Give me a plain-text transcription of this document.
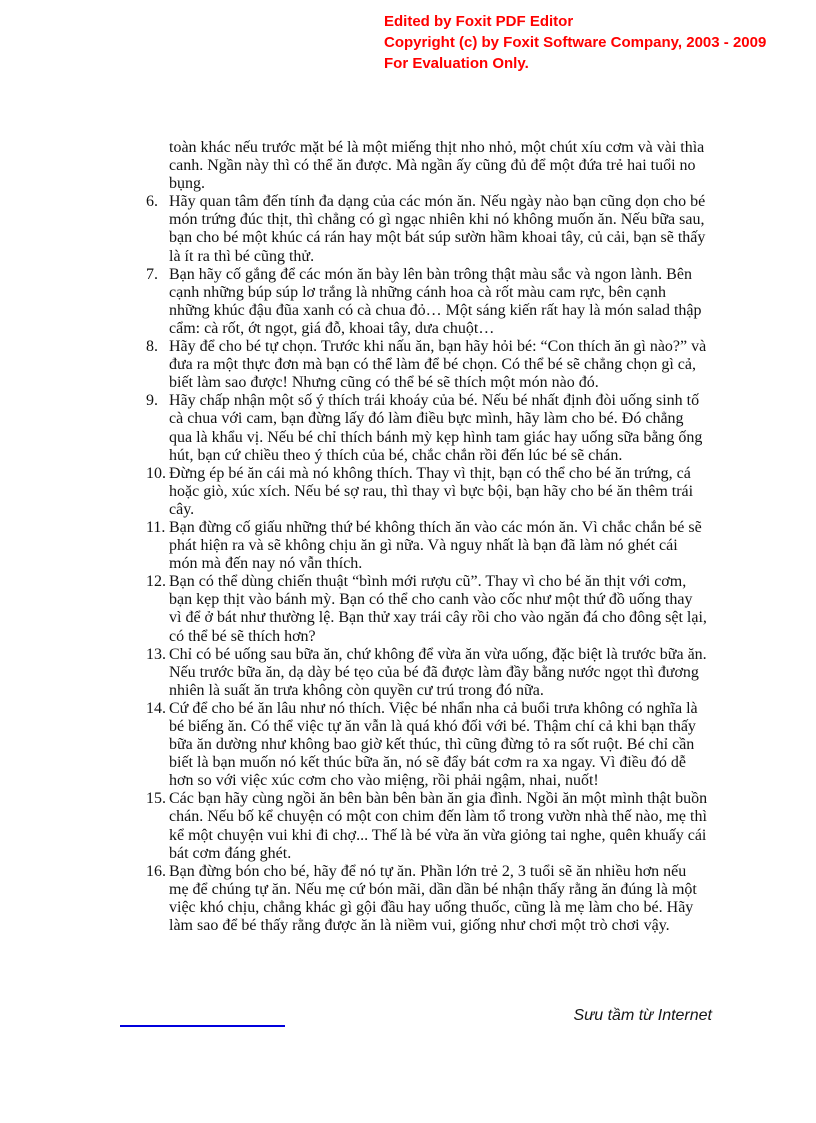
Edited by Foxit PDF Editor
Copyright (c) by Foxit Software Company, 2003 - 2009
For Evaluation Only.

toàn khác nếu trước mặt bé là một miếng thịt nho nhỏ, một chút xíu cơm và vài thìa canh. Ngần này thì có thể ăn được. Mà ngần ấy cũng đủ để một đứa trẻ hai tuổi no bụng.

6. Hãy quan tâm đến tính đa dạng của các món ăn. Nếu ngày nào bạn cũng dọn cho bé món trứng đúc thịt, thì chẳng có gì ngạc nhiên khi nó không muốn ăn. Nếu bữa sau, bạn cho bé một khúc cá rán hay một bát súp sườn hầm khoai tây, củ cải, bạn sẽ thấy là ít ra thì bé cũng thử.
7. Bạn hãy cố gắng để các món ăn bày lên bàn trông thật màu sắc và ngon lành. Bên cạnh những búp súp lơ trắng là những cánh hoa cà rốt màu cam rực, bên cạnh những khúc đậu đũa xanh có cà chua đỏ… Một sáng kiến rất hay là món salad thập cẩm: cà rốt, ớt ngọt, giá đỗ, khoai tây, dưa chuột…
8. Hãy để cho bé tự chọn. Trước khi nấu ăn, bạn hãy hỏi bé: “Con thích ăn gì nào?” và đưa ra một thực đơn mà bạn có thể làm để bé chọn. Có thể bé sẽ chẳng chọn gì cả, biết làm sao được! Nhưng cũng có thể bé sẽ thích một món nào đó.
9. Hãy chấp nhận một số ý thích trái khoáy của bé. Nếu bé nhất định đòi uống sinh tố cà chua với cam, bạn đừng lấy đó làm điều bực mình, hãy làm cho bé. Đó chẳng qua là khẩu vị. Nếu bé chỉ thích bánh mỳ kẹp hình tam giác hay uống sữa bằng ống hút, bạn cứ chiều theo ý thích của bé, chắc chắn rồi đến lúc bé sẽ chán.
10. Đừng ép bé ăn cái mà nó không thích. Thay vì thịt, bạn có thể cho bé ăn trứng, cá hoặc giò, xúc xích. Nếu bé sợ rau, thì thay vì bực bội, bạn hãy cho bé ăn thêm trái cây.
11. Bạn đừng cố giấu những thứ bé không thích ăn vào các món ăn. Vì chắc chắn bé sẽ phát hiện ra và sẽ không chịu ăn gì nữa. Và nguy nhất là bạn đã làm nó ghét cái món mà đến nay nó vẫn thích.
12. Bạn có thể dùng chiến thuật “bình mới rượu cũ”. Thay vì cho bé ăn thịt với cơm, bạn kẹp thịt vào bánh mỳ. Bạn có thể cho canh vào cốc như một thứ đồ uống thay vì để ở bát như thường lệ. Bạn thử xay trái cây rồi cho vào ngăn đá cho đông sệt lại, có thể bé sẽ thích hơn?
13. Chỉ có bé uống sau bữa ăn, chứ không để vừa ăn vừa uống, đặc biệt là trước bữa ăn. Nếu trước bữa ăn, dạ dày bé tẹo của bé đã được làm đầy bằng nước ngọt thì đương nhiên là suất ăn trưa không còn quyền cư trú trong đó nữa.
14. Cứ để cho bé ăn lâu như nó thích. Việc bé nhẩn nha cả buổi trưa không có nghĩa là bé biếng ăn. Có thể việc tự ăn vẫn là quá khó đối với bé. Thậm chí cả khi bạn thấy bữa ăn dường như không bao giờ kết thúc, thì cũng đừng tỏ ra sốt ruột. Bé chỉ cần biết là bạn muốn nó kết thúc bữa ăn, nó sẽ đẩy bát cơm ra xa ngay. Vì điều đó dễ hơn so với việc xúc cơm cho vào miệng, rồi phải ngậm, nhai, nuốt!
15. Các bạn hãy cùng ngồi ăn bên bàn bên bàn ăn gia đình. Ngồi ăn một mình thật buồn chán. Nếu bố kể chuyện có một con chim đến làm tổ trong vườn nhà thế nào, mẹ thì kể một chuyện vui khi đi chợ... Thế là bé vừa ăn vừa giỏng tai nghe, quên khuấy cái bát cơm đáng ghét.
16. Bạn đừng bón cho bé, hãy để nó tự ăn. Phần lớn trẻ 2, 3 tuổi sẽ ăn nhiều hơn nếu mẹ để chúng tự ăn. Nếu mẹ cứ bón mãi, dần dần bé nhận thấy rằng ăn đúng là một việc khó chịu, chẳng khác gì gội đầu hay uống thuốc, cũng là mẹ làm cho bé. Hãy làm sao để bé thấy rằng được ăn là niềm vui, giống như chơi một trò chơi vậy.
Sưu tầm từ Internet
